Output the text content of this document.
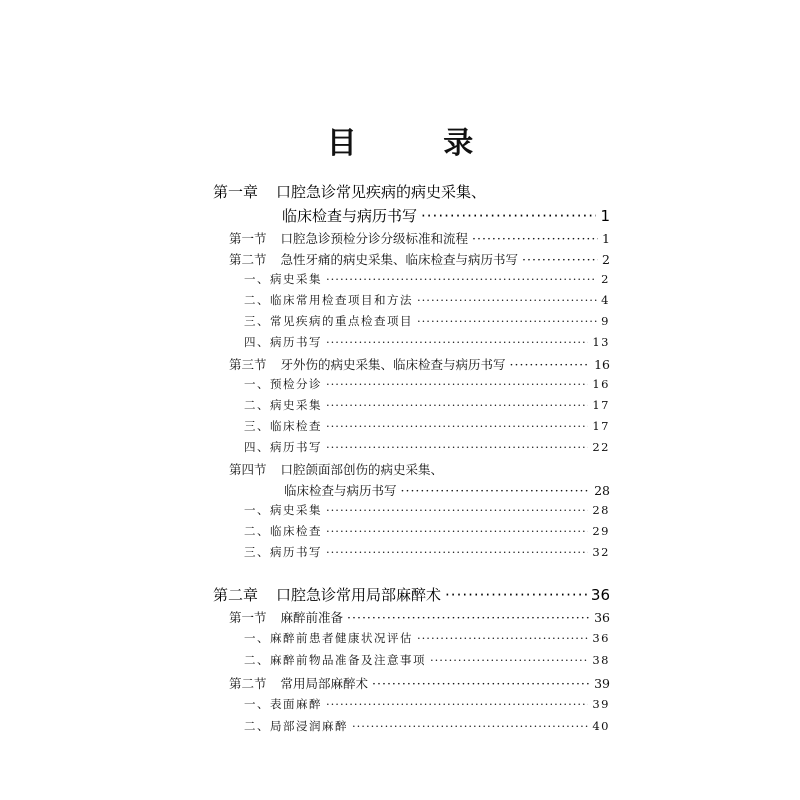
目 录
第一章 口腔急诊常见疾病的病史采集、
临床检查与病历书写 ·····	1
第一节 口腔急诊预检分诊分级标准和流程 ·····	1
第二节 急性牙痛的病史采集、临床检查与病历书写 ·····	2
一、病史采集 ·····	2
二、临床常用检查项目和方法 ·····	4
三、常见疾病的重点检查项目 ·····	9
四、病历书写 ·····	13
第三节 牙外伤的病史采集、临床检查与病历书写 ·····	16
一、预检分诊 ·····	16
二、病史采集 ·····	17
三、临床检查 ·····	17
四、病历书写 ·····	22
第四节 口腔颌面部创伤的病史采集、
临床检查与病历书写 ·····	28
一、病史采集 ·····	28
二、临床检查 ·····	29
三、病历书写 ·····	32
第二章 口腔急诊常用局部麻醉术 ·····	36
第一节 麻醉前准备 ·····	36
一、麻醉前患者健康状况评估 ·····	36
二、麻醉前物品准备及注意事项 ·····	38
第二节 常用局部麻醉术 ·····	39
一、表面麻醉 ·····	39
二、局部浸润麻醉 ·····	40
